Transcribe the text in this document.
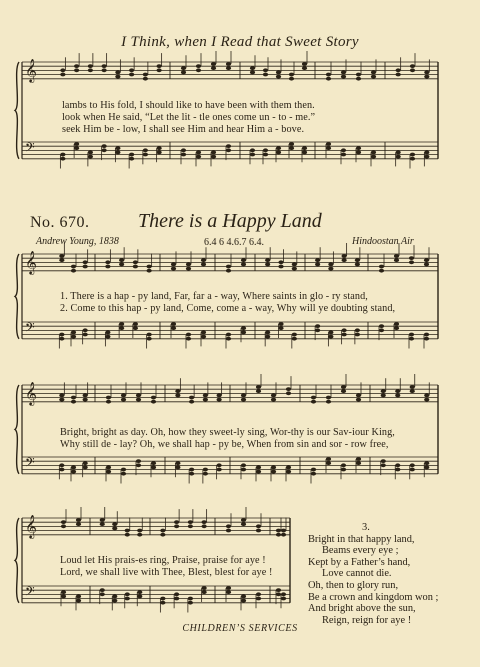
𝄞
𝄢
𝄞
𝄢
𝄞
𝄢
𝄞
𝄢
I Think, when I Read that Sweet Story
lambs to His fold, I should like to have been with them then.
look when He said, “Let the lit - tle ones come un - to - me.”
seek Him be - low, I shall see Him and hear Him a - bove.
No. 670. There is a Happy Land
Andrew Young, 1838	6.4 6 4.6.7 6.4.	Hindoostan Air
1. There is a hap - py land, Far, far a - way, Where saints in glo - ry stand,
2. Come to this hap - py land, Come, come a - way, Why will ye doubting stand,
Bright, bright as day. Oh, how they sweet-ly sing, Wor-thy is our Sav-iour King,
Why still de - lay? Oh, we shall hap - py be, When from sin and sor - row free,
Loud let His prais-es ring, Praise, praise for aye !
Lord, we shall live with Thee, Blest, blest for aye !
3.
Bright in that happy land,
Beams every eye ;
Kept by a Father’s hand,
Love cannot die.
Oh, then to glory run,
Be a crown and kingdom won ;
And bright above the sun,
Reign, reign for aye !
CHILDREN’S SERVICES
